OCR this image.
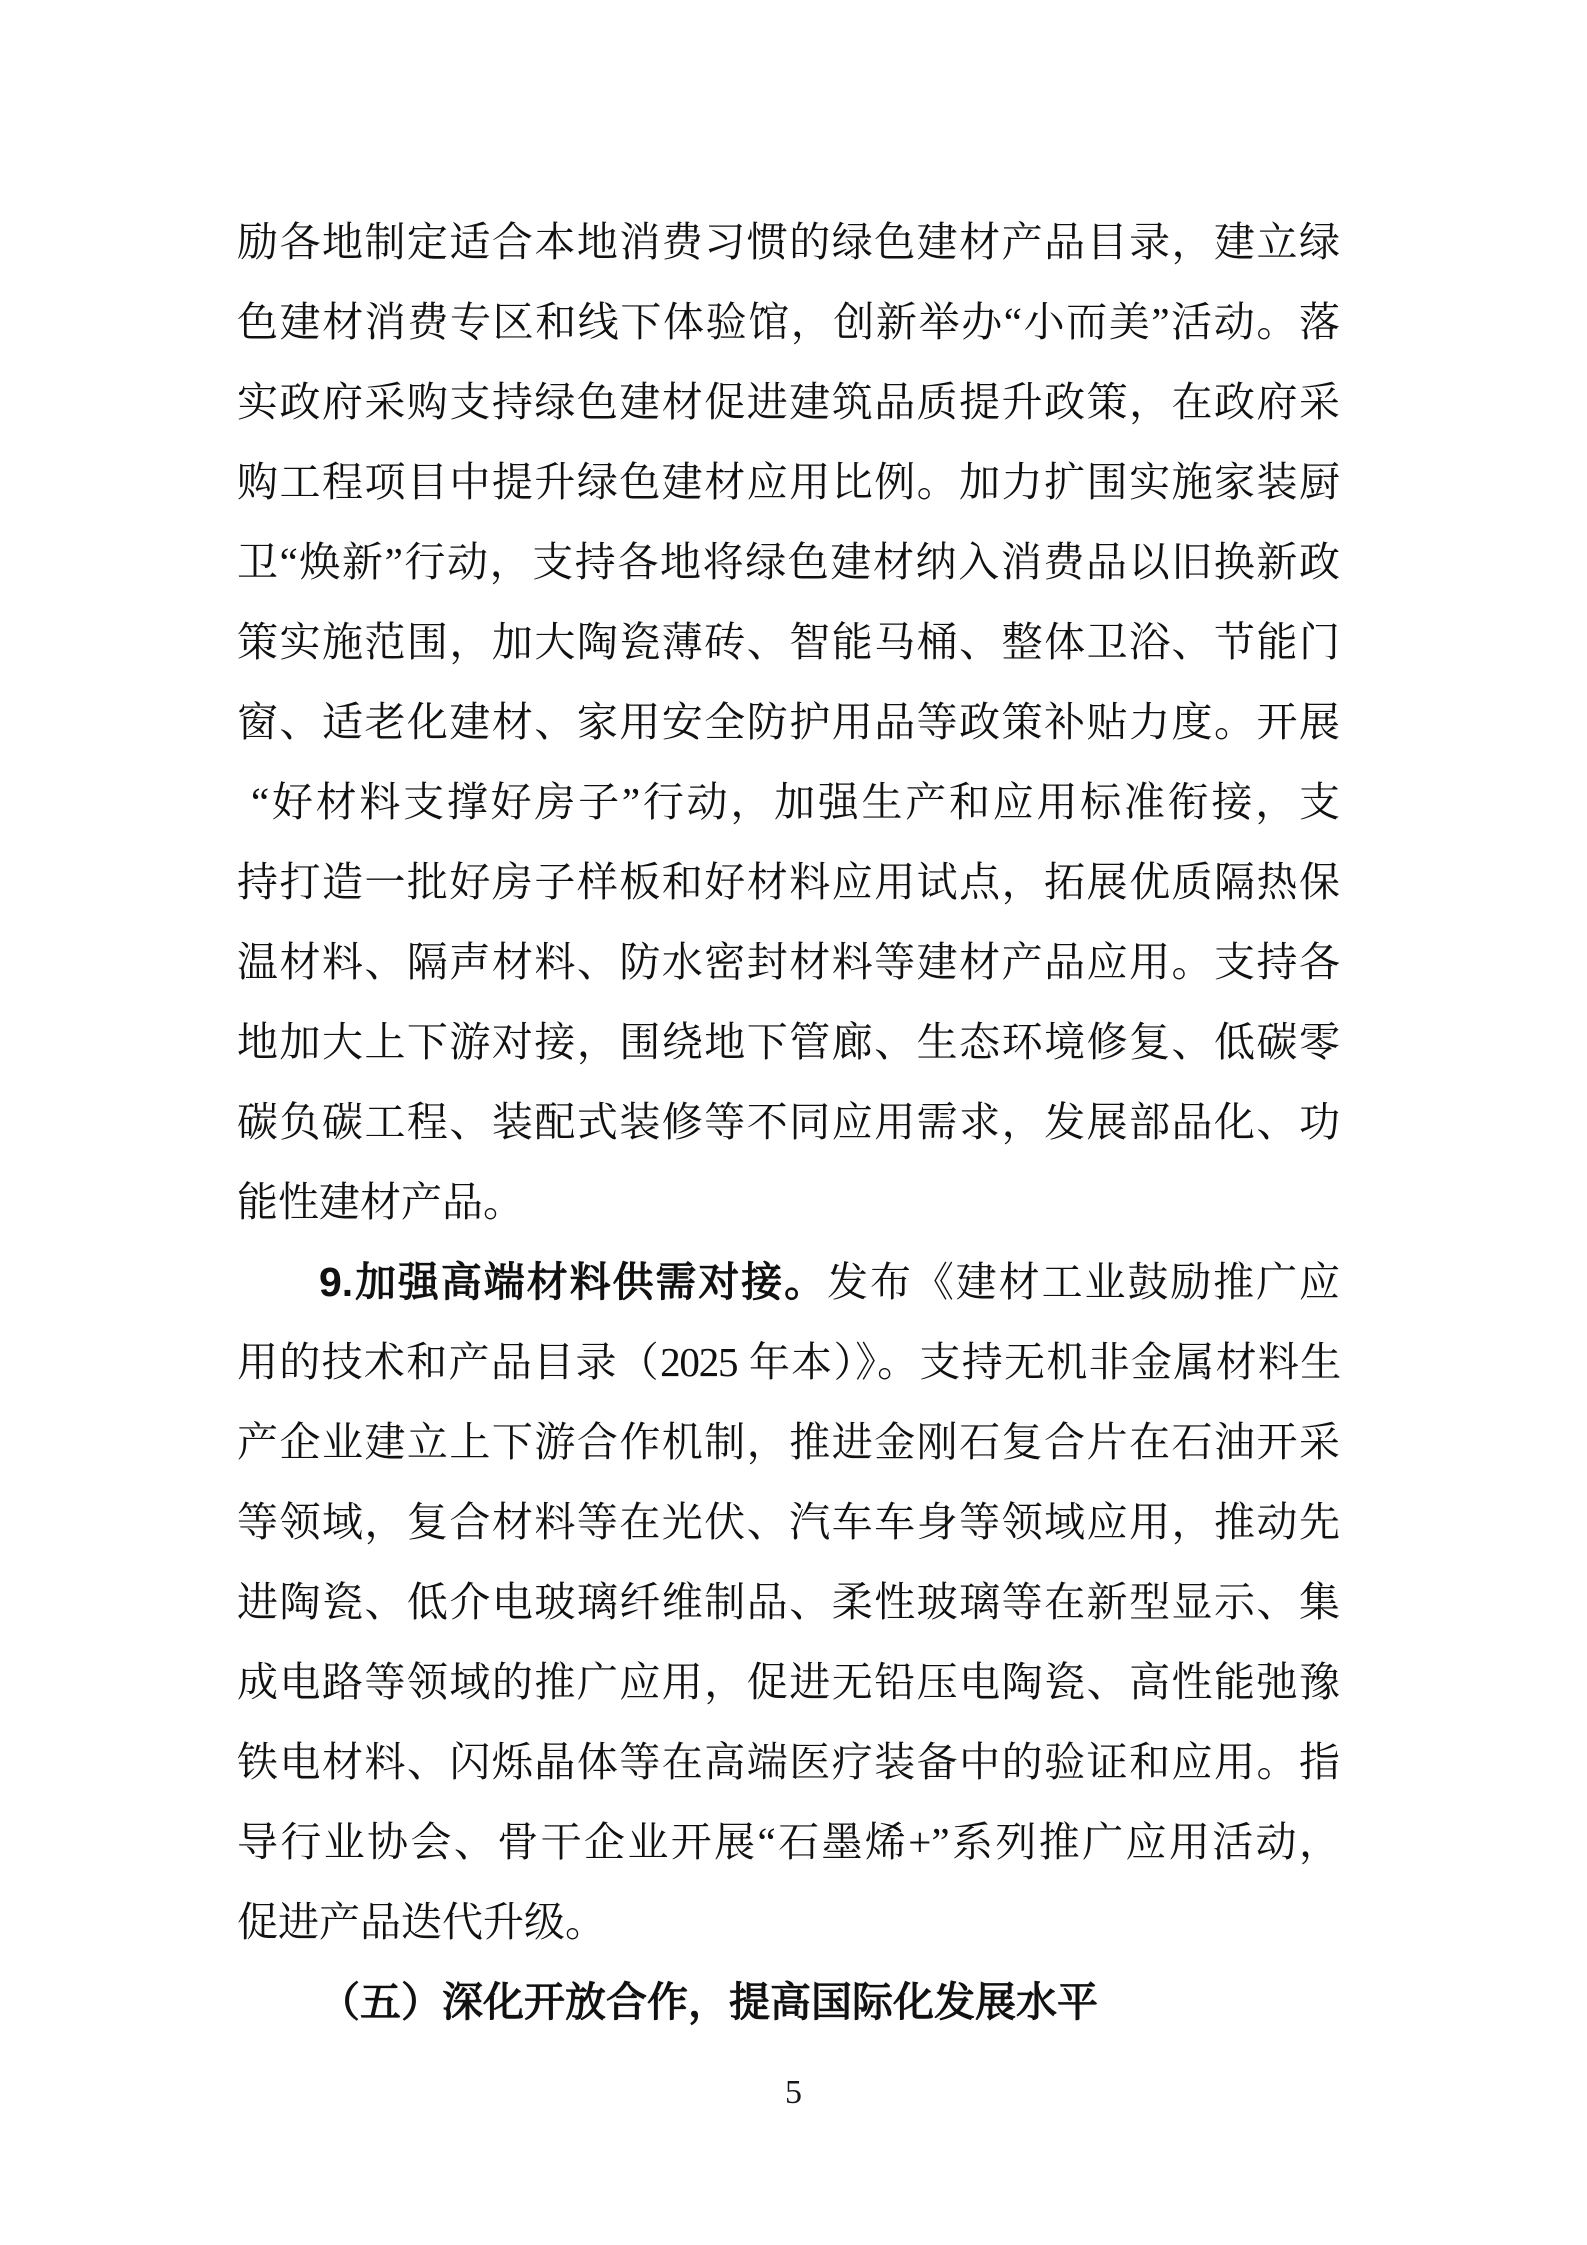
励各地制定适合本地消费习惯的绿色建材产品目录，建立绿
色建材消费专区和线下体验馆，创新举办“小而美”活动。落
实政府采购支持绿色建材促进建筑品质提升政策，在政府采
购工程项目中提升绿色建材应用比例。加力扩围实施家装厨
卫“焕新”行动，支持各地将绿色建材纳入消费品以旧换新政
策实施范围，加大陶瓷薄砖、智能马桶、整体卫浴、节能门
窗、适老化建材、家用安全防护用品等政策补贴力度。开展
“好材料支撑好房子”行动，加强生产和应用标准衔接，支
持打造一批好房子样板和好材料应用试点，拓展优质隔热保
温材料、隔声材料、防水密封材料等建材产品应用。支持各
地加大上下游对接，围绕地下管廊、生态环境修复、低碳零
碳负碳工程、装配式装修等不同应用需求，发展部品化、功
能性建材产品。
9.加强高端材料供需对接。发布《建材工业鼓励推广应
用的技术和产品目录（2025 年本）》。支持无机非金属材料生
产企业建立上下游合作机制，推进金刚石复合片在石油开采
等领域，复合材料等在光伏、汽车车身等领域应用，推动先
进陶瓷、低介电玻璃纤维制品、柔性玻璃等在新型显示、集
成电路等领域的推广应用，促进无铅压电陶瓷、高性能弛豫
铁电材料、闪烁晶体等在高端医疗装备中的验证和应用。指
导行业协会、骨干企业开展“石墨烯+”系列推广应用活动，
促进产品迭代升级。
（五）深化开放合作，提高国际化发展水平
5
